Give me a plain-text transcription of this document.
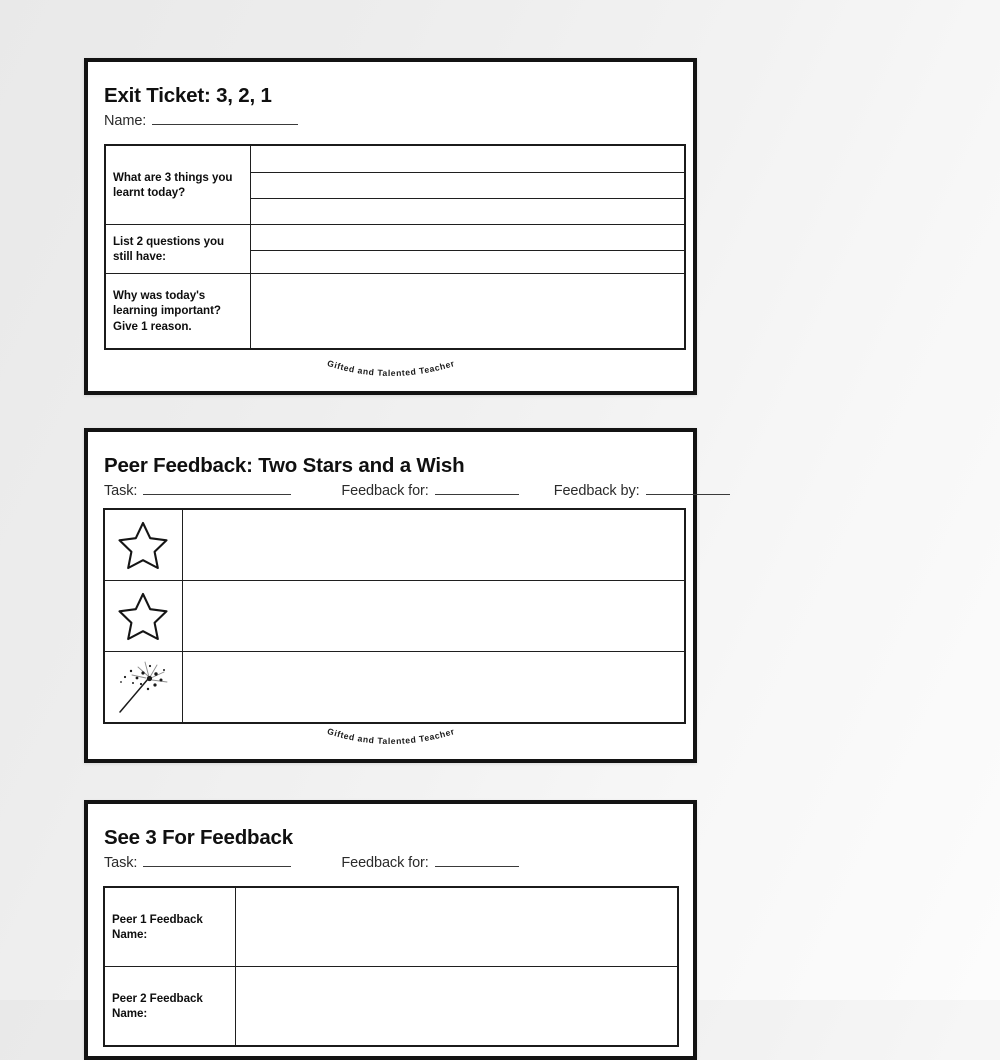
Exit Ticket: 3, 2, 1
Name:
What are 3 things you learnt today?	

List 2 questions you still have:	

Why was today's learning important? Give 1 reason.	
Gifted and Talented Teacher
Peer Feedback: Two Stars and a Wish
Task:	Feedback for:	Feedback by:

Gifted and Talented Teacher
See 3 For Feedback
Task:	Feedback for:
Peer 1 Feedback Name:	
Peer 2 Feedback Name:	
